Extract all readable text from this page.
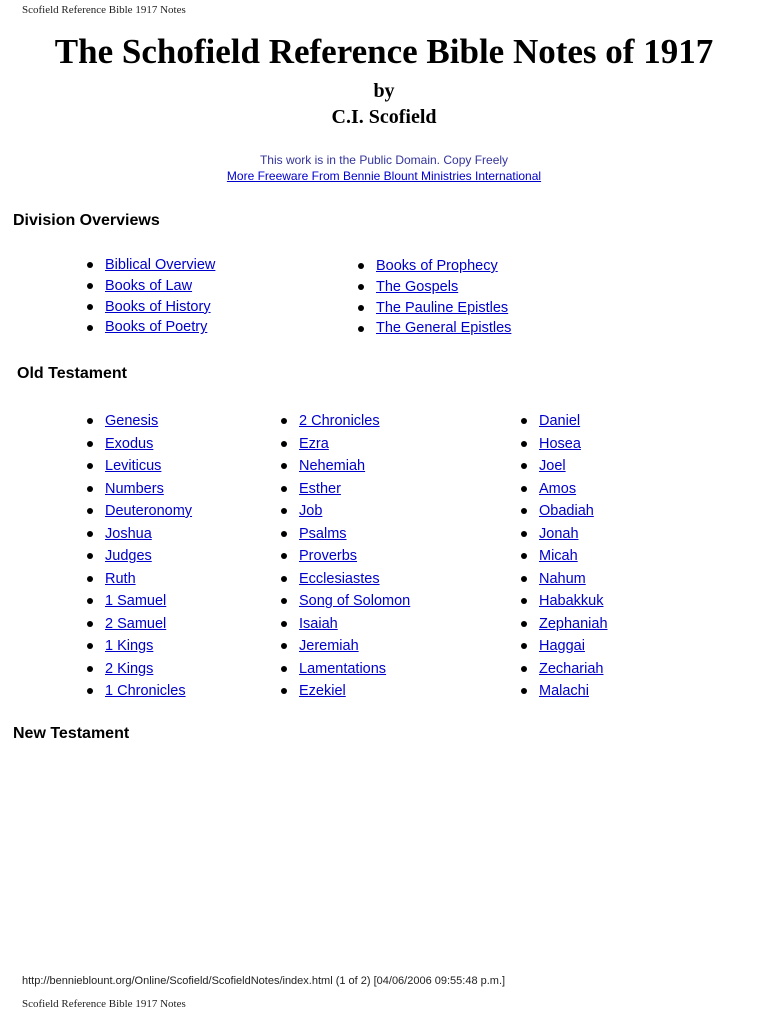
Scofield Reference Bible 1917 Notes
The Schofield Reference Bible Notes of 1917
by
C.I. Scofield
This work is in the Public Domain. Copy Freely
More Freeware From Bennie Blount Ministries International
Division Overviews
Biblical Overview
Books of Law
Books of History
Books of Poetry
Books of Prophecy
The Gospels
The Pauline Epistles
The General Epistles
Old Testament
Genesis
Exodus
Leviticus
Numbers
Deuteronomy
Joshua
Judges
Ruth
1 Samuel
2 Samuel
1 Kings
2 Kings
1 Chronicles
2 Chronicles
Ezra
Nehemiah
Esther
Job
Psalms
Proverbs
Ecclesiastes
Song of Solomon
Isaiah
Jeremiah
Lamentations
Ezekiel
Daniel
Hosea
Joel
Amos
Obadiah
Jonah
Micah
Nahum
Habakkuk
Zephaniah
Haggai
Zechariah
Malachi
New Testament
http://bennieblount.org/Online/Scofield/ScofieldNotes/index.html (1 of 2) [04/06/2006 09:55:48 p.m.]
Scofield Reference Bible 1917 Notes
